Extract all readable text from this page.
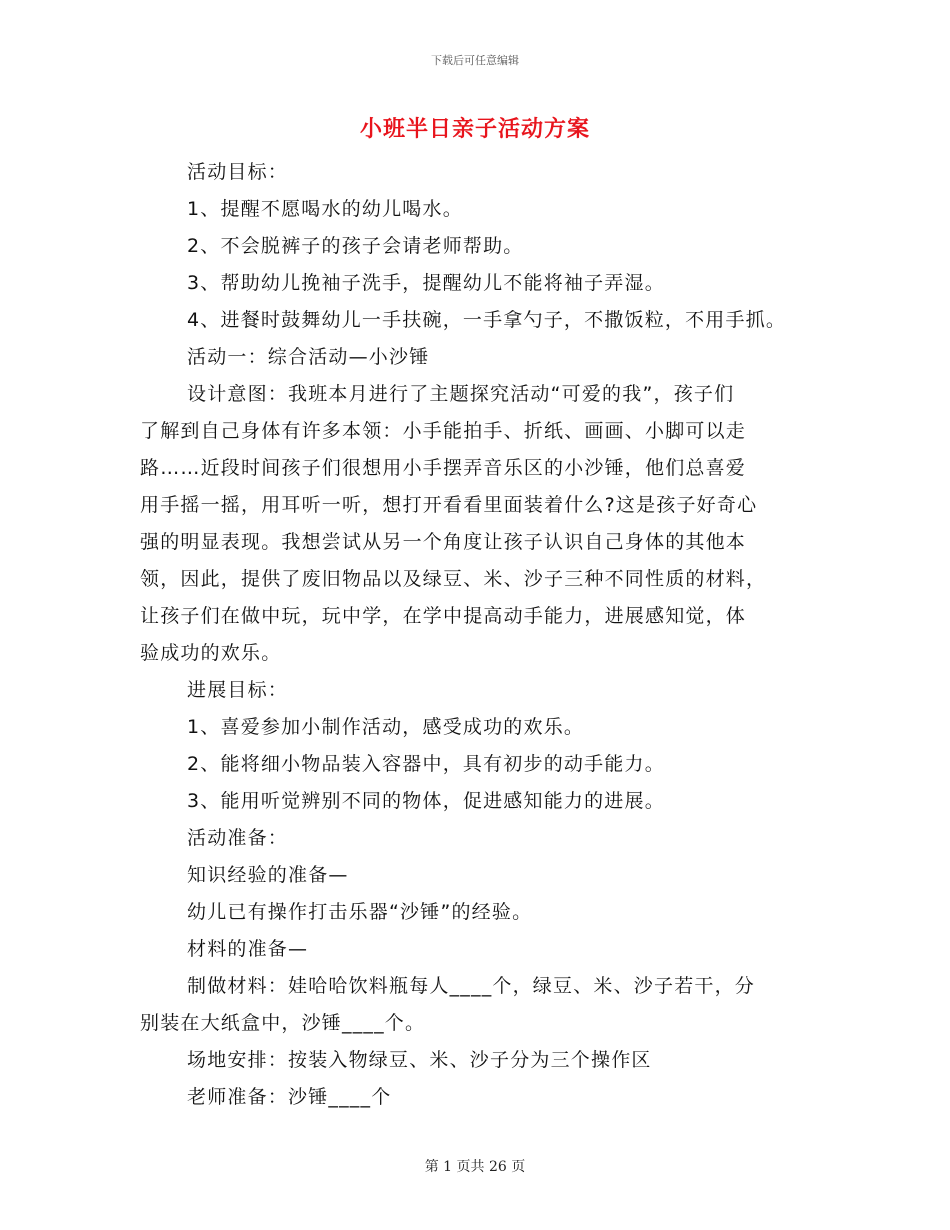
下载后可任意编辑
小班半日亲子活动方案
活动目标：
1、提醒不愿喝水的幼儿喝水。
2、不会脱裤子的孩子会请老师帮助。
3、帮助幼儿挽袖子洗手，提醒幼儿不能将袖子弄湿。
4、进餐时鼓舞幼儿一手扶碗，一手拿勺子，不撒饭粒，不用手抓。
活动一：综合活动—小沙锤
设计意图：我班本月进行了主题探究活动“可爱的我”，孩子们
了解到自己身体有许多本领：小手能拍手、折纸、画画、小脚可以走
路……近段时间孩子们很想用小手摆弄音乐区的小沙锤，他们总喜爱
用手摇一摇，用耳听一听，想打开看看里面装着什么?这是孩子好奇心
强的明显表现。我想尝试从另一个角度让孩子认识自己身体的其他本
领，因此，提供了废旧物品以及绿豆、米、沙子三种不同性质的材料，
让孩子们在做中玩，玩中学，在学中提高动手能力，进展感知觉，体
验成功的欢乐。
进展目标：
1、喜爱参加小制作活动，感受成功的欢乐。
2、能将细小物品装入容器中，具有初步的动手能力。
3、能用听觉辨别不同的物体，促进感知能力的进展。
活动准备：
知识经验的准备—
幼儿已有操作打击乐器“沙锤”的经验。
材料的准备—
制做材料：娃哈哈饮料瓶每人____个，绿豆、米、沙子若干，分
别装在大纸盒中，沙锤____个。
场地安排：按装入物绿豆、米、沙子分为三个操作区
老师准备：沙锤____个
第 1 页共 26 页
